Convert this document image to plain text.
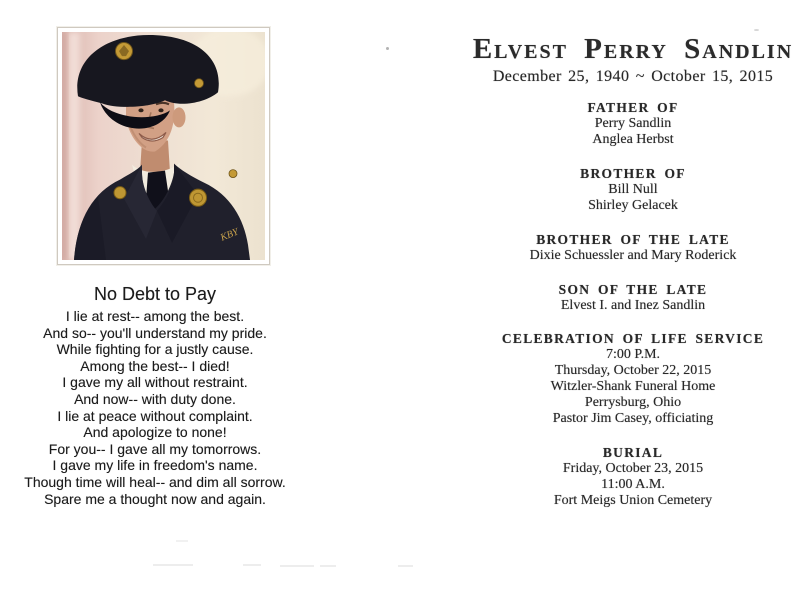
KBY
No Debt to Pay
I lie at rest-- among the best.
And so-- you'll understand my pride.
While fighting for a justly cause.
Among the best-- I died!
I gave my all without restraint.
And now-- with duty done.
I lie at peace without complaint.
And apologize to none!
For you-- I gave all my tomorrows.
I gave my life in freedom's name.
Though time will heal-- and dim all sorrow.
Spare me a thought now and again.
Elvest Perry Sandlin
December 25, 1940 ~ October 15, 2015
FATHER OF
Perry Sandlin
Anglea Herbst
BROTHER OF
Bill Null
Shirley Gelacek
BROTHER OF THE LATE
Dixie Schuessler and Mary Roderick
SON OF THE LATE
Elvest I. and Inez Sandlin
CELEBRATION OF LIFE SERVICE
7:00 P.M.
Thursday, October 22, 2015
Witzler-Shank Funeral Home
Perrysburg, Ohio
Pastor Jim Casey, officiating
BURIAL
Friday, October 23, 2015
11:00 A.M.
Fort Meigs Union Cemetery
